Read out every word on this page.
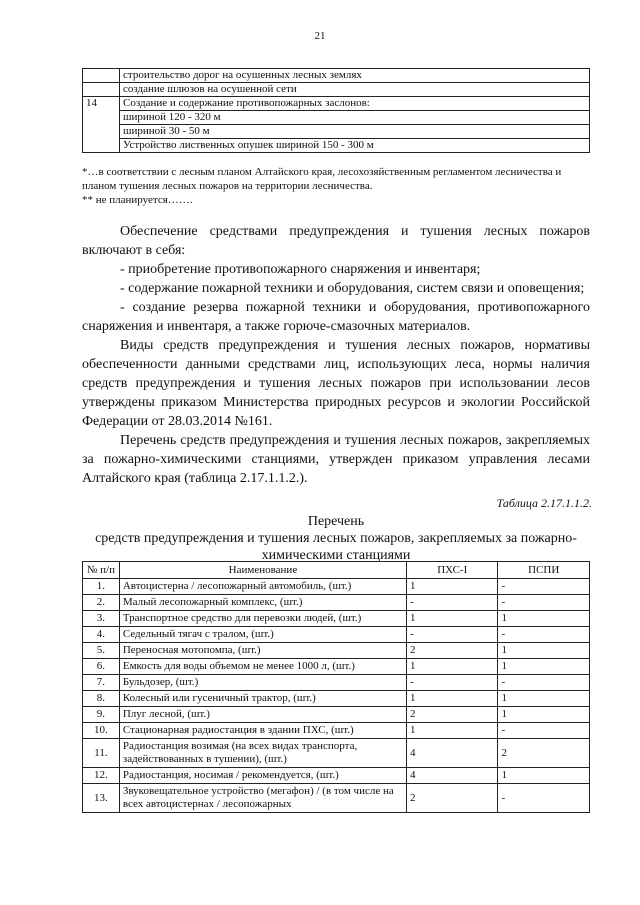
21
	строительство дорог на осушенных лесных землях
	создание шлюзов на осушенной сети
14	Создание и содержание противопожарных заслонов:
	шириной 120 - 320 м
	шириной 30 - 50 м
	Устройство лиственных опушек шириной 150 - 300 м

*…в соответствии с лесным планом Алтайского края, лесохозяйственным регламентом лесничества и планом тушения лесных пожаров на территории лесничества.

** не планируется…….

Обеспечение средствами предупреждения и тушения лесных пожаров включают в себя:

- приобретение противопожарного снаряжения и инвентаря;

- содержание пожарной техники и оборудования, систем связи и оповещения;

- создание резерва пожарной техники и оборудования, противопожарного снаряжения и инвентаря, а также горюче-смазочных материалов.

Виды средств предупреждения и тушения лесных пожаров, нормативы обеспеченности данными средствами лиц, использующих леса, нормы наличия средств предупреждения и тушения лесных пожаров при использовании лесов утверждены приказом Министерства природных ресурсов и экологии Российской Федерации от 28.03.2014 №161.

Перечень средств предупреждения и тушения лесных пожаров, закрепляемых за пожарно-химическими станциями, утвержден приказом управления лесами Алтайского края (таблица 2.17.1.1.2.).

Таблица 2.17.1.1.2.

Перечень

средств предупреждения и тушения лесных пожаров, закрепляемых за пожарно-химическими станциями

№ п/п	Наименование	ПХС-I	ПСПИ
1.	Автоцистерна / лесопожарный автомобиль, (шт.)	1	-
2.	Малый лесопожарный комплекс, (шт.)	-	-
3.	Транспортное средство для перевозки людей, (шт.)	1	1
4.	Седельный тягач с тралом, (шт.)	-	-
5.	Переносная мотопомпа, (шт.)	2	1
6.	Емкость для воды объемом не менее 1000 л, (шт.)	1	1
7.	Бульдозер, (шт.)	-	-
8.	Колесный или гусеничный трактор, (шт.)	1	1
9.	Плуг лесной, (шт.)	2	1
10.	Стационарная радиостанция в здании ПХС, (шт.)	1	-
11.	Радиостанция возимая (на всех видах транспорта, задействованных в тушении), (шт.)	4	2
12.	Радиостанция, носимая / рекомендуется, (шт.)	4	1
13.	Звуковещательное устройство (мегафон) / (в том числе на всех автоцистернах / лесопожарных	2	-
